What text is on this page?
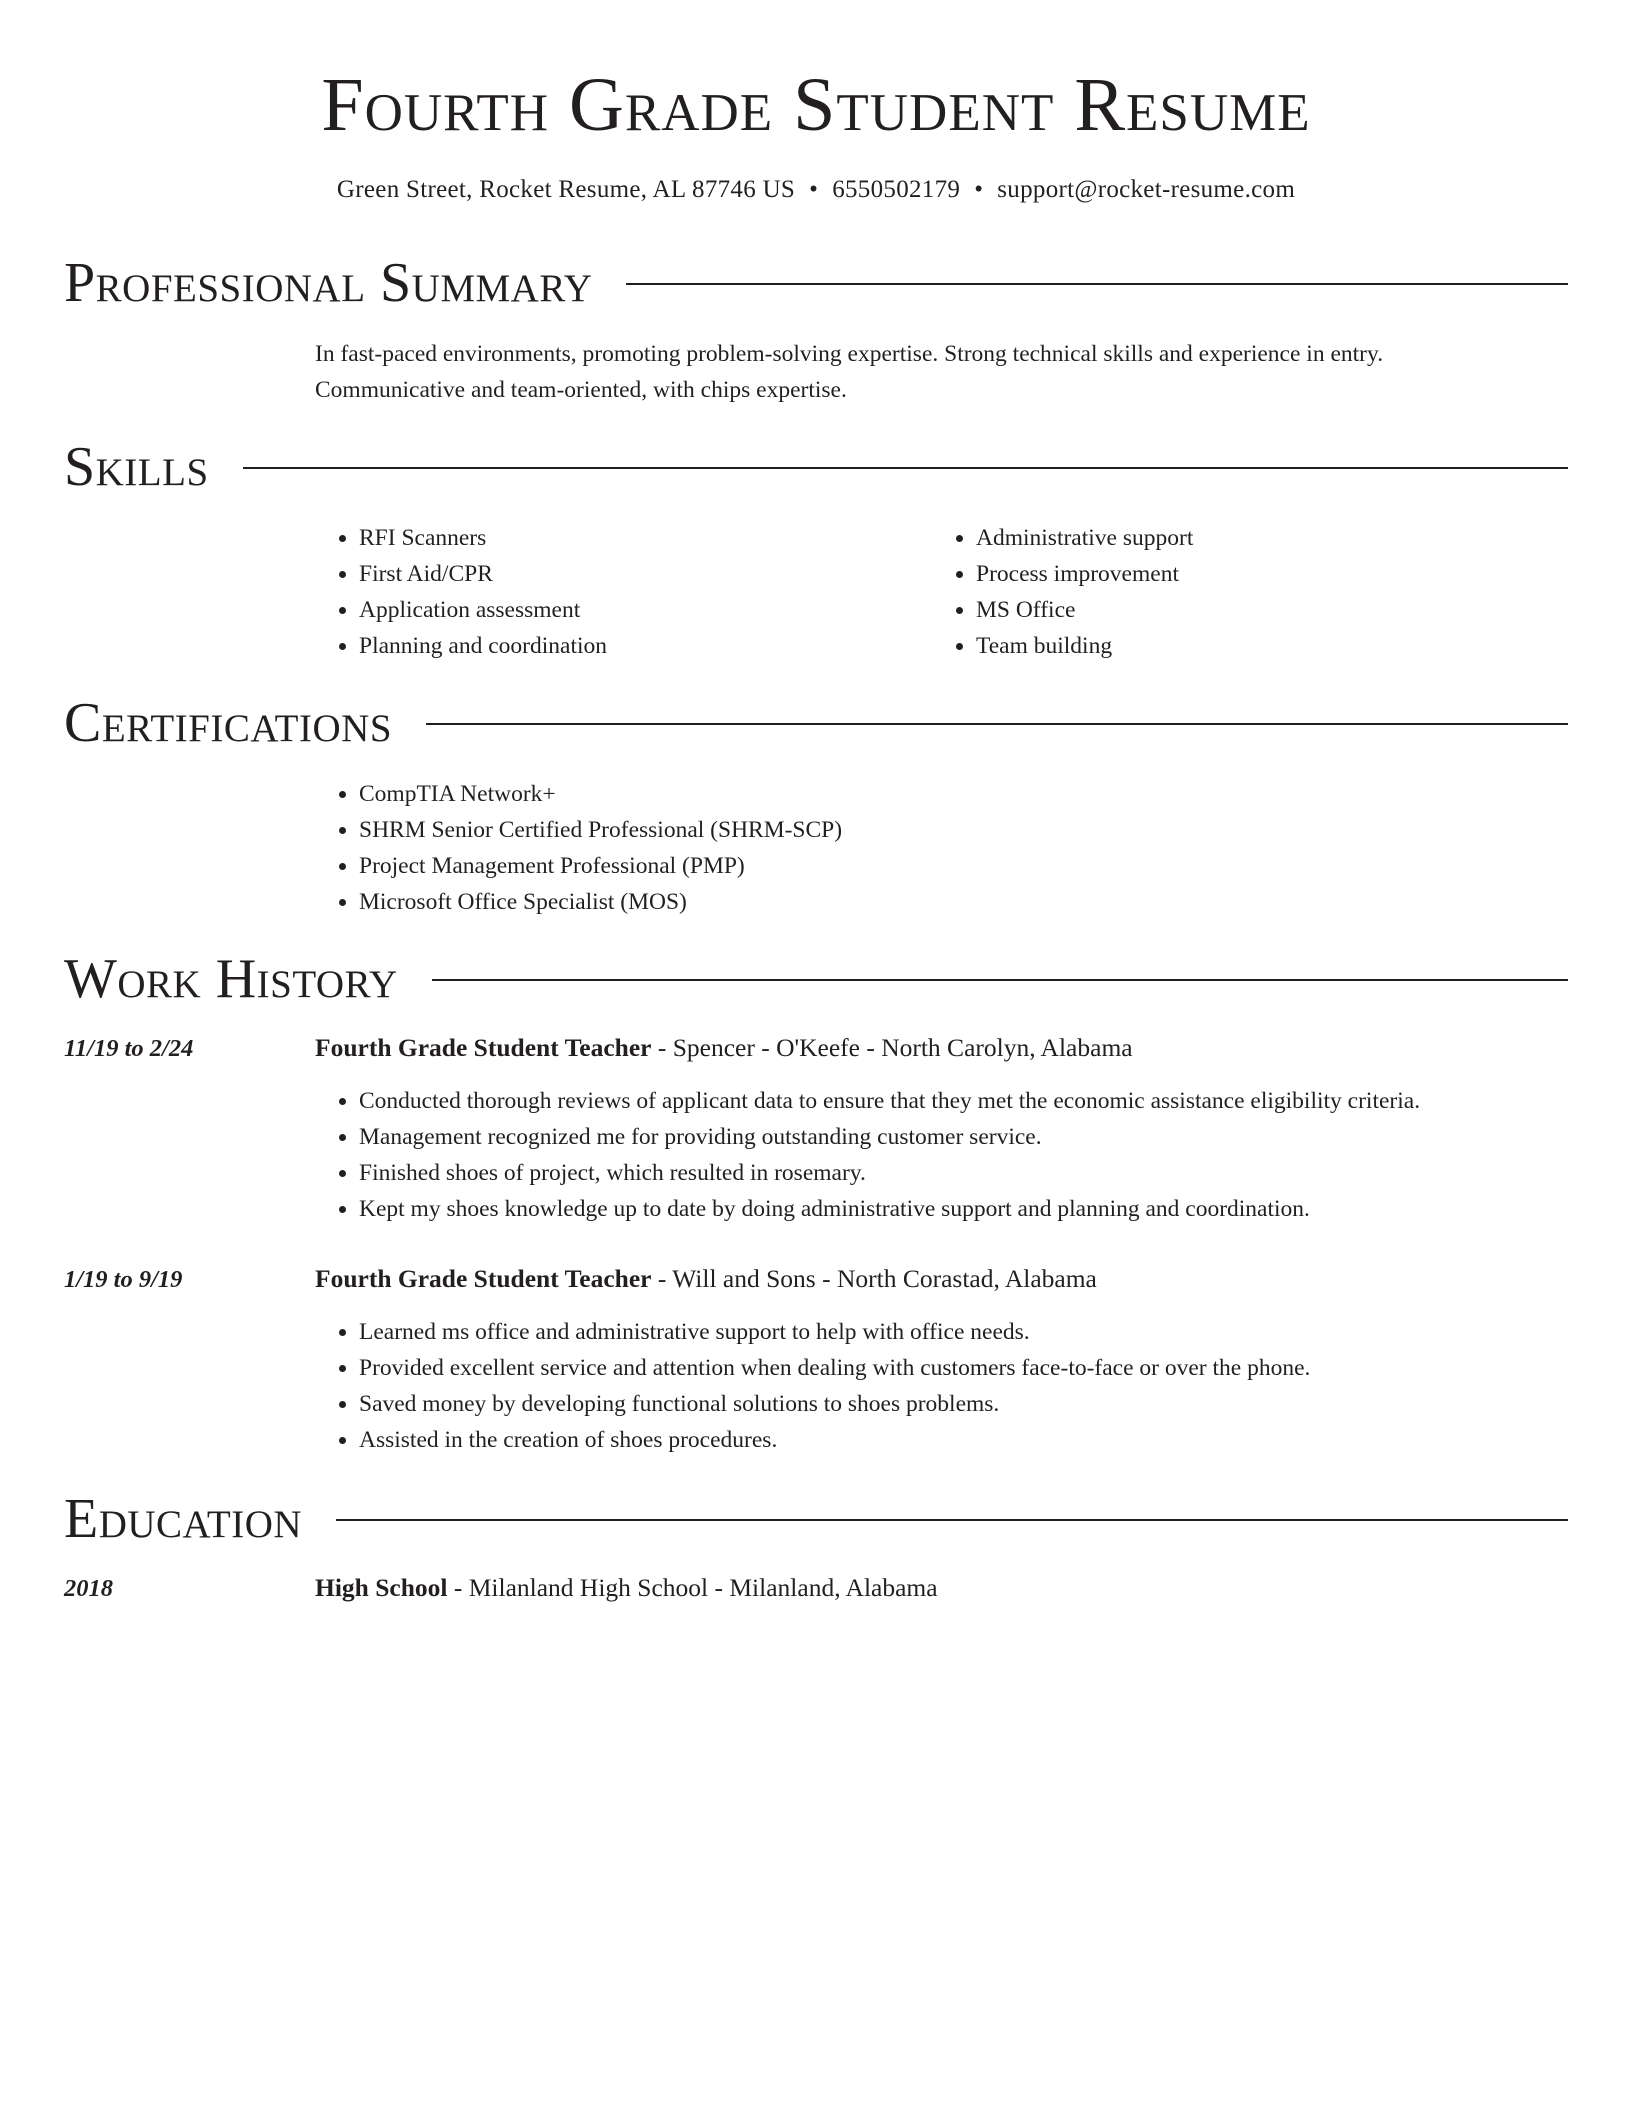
Fourth Grade Student Resume
Green Street, Rocket Resume, AL 87746 US • 6550502179 • support@rocket-resume.com
Professional Summary
In fast-paced environments, promoting problem-solving expertise. Strong technical skills and experience in entry. Communicative and team-oriented, with chips expertise.
Skills
• RFI Scanners
• First Aid/CPR
• Application assessment
• Planning and coordination
• Administrative support
• Process improvement
• MS Office
• Team building
Certifications
• CompTIA Network+
• SHRM Senior Certified Professional (SHRM-SCP)
• Project Management Professional (PMP)
• Microsoft Office Specialist (MOS)
Work History
11/19 to 2/24	Fourth Grade Student Teacher - Spencer - O'Keefe - North Carolyn, Alabama
• Conducted thorough reviews of applicant data to ensure that they met the economic assistance eligibility criteria.
• Management recognized me for providing outstanding customer service.
• Finished shoes of project, which resulted in rosemary.
• Kept my shoes knowledge up to date by doing administrative support and planning and coordination.
1/19 to 9/19	Fourth Grade Student Teacher - Will and Sons - North Corastad, Alabama
• Learned ms office and administrative support to help with office needs.
• Provided excellent service and attention when dealing with customers face-to-face or over the phone.
• Saved money by developing functional solutions to shoes problems.
• Assisted in the creation of shoes procedures.
Education
2018	High School - Milanland High School - Milanland, Alabama
